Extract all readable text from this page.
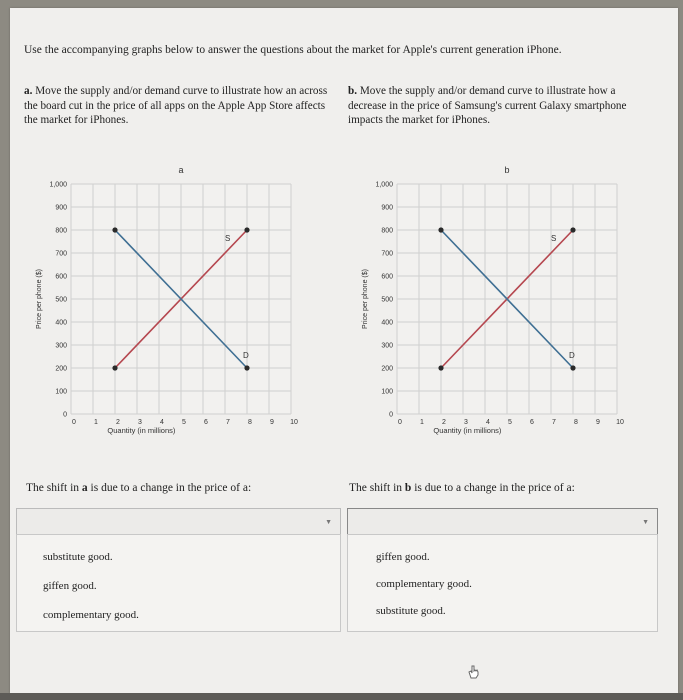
Use the accompanying graphs below to answer the questions about the market for Apple's current generation iPhone.
a. Move the supply and/or demand curve to illustrate how an across the board cut in the price of all apps on the Apple App Store affects the market for iPhones.
b. Move the supply and/or demand curve to illustrate how a decrease in the price of Samsung's current Galaxy smartphone impacts the market for iPhones.
0	1	2	3	4	5	6	7	8	9 10
0
100
200
300
400
500
600
700
800
900
1,000
a
Quantity (in millions)
Price per phone ($)
S
D
0	1	2	3	4	5	6	7	8	9 10
0
100
200
300
400
500
600
700
800
900
1,000
b
Quantity (in millions)
Price per phone ($)
S
D
The shift in a is due to a change in the price of a:	The shift in b is due to a change in the price of a:
▼	▼
substitute good.
giffen good.
complementary good.
giffen good.
complementary good.
substitute good.
